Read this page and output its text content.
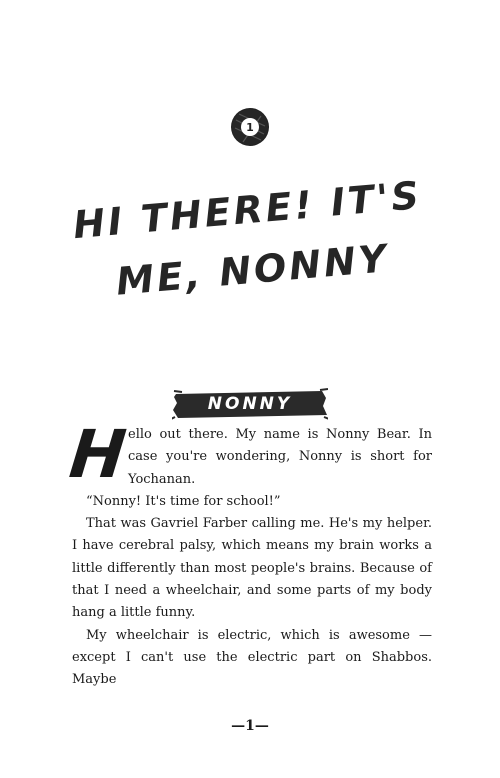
1
HI THERE! IT'S
ME, NONNY
NONNY
H

ello out there. My name is Nonny Bear. In

case you're wondering, Nonny is short for

Yochanan.

“Nonny! It's time for school!”

That was Gavriel Farber calling me. He's my helper.

I have cerebral palsy, which means my brain works a

little differently than most people's brains. Because of

that I need a wheelchair, and some parts of my body

hang a little funny.

My wheelchair is electric, which is awesome —

except I can't use the electric part on Shabbos. Maybe

—1—
